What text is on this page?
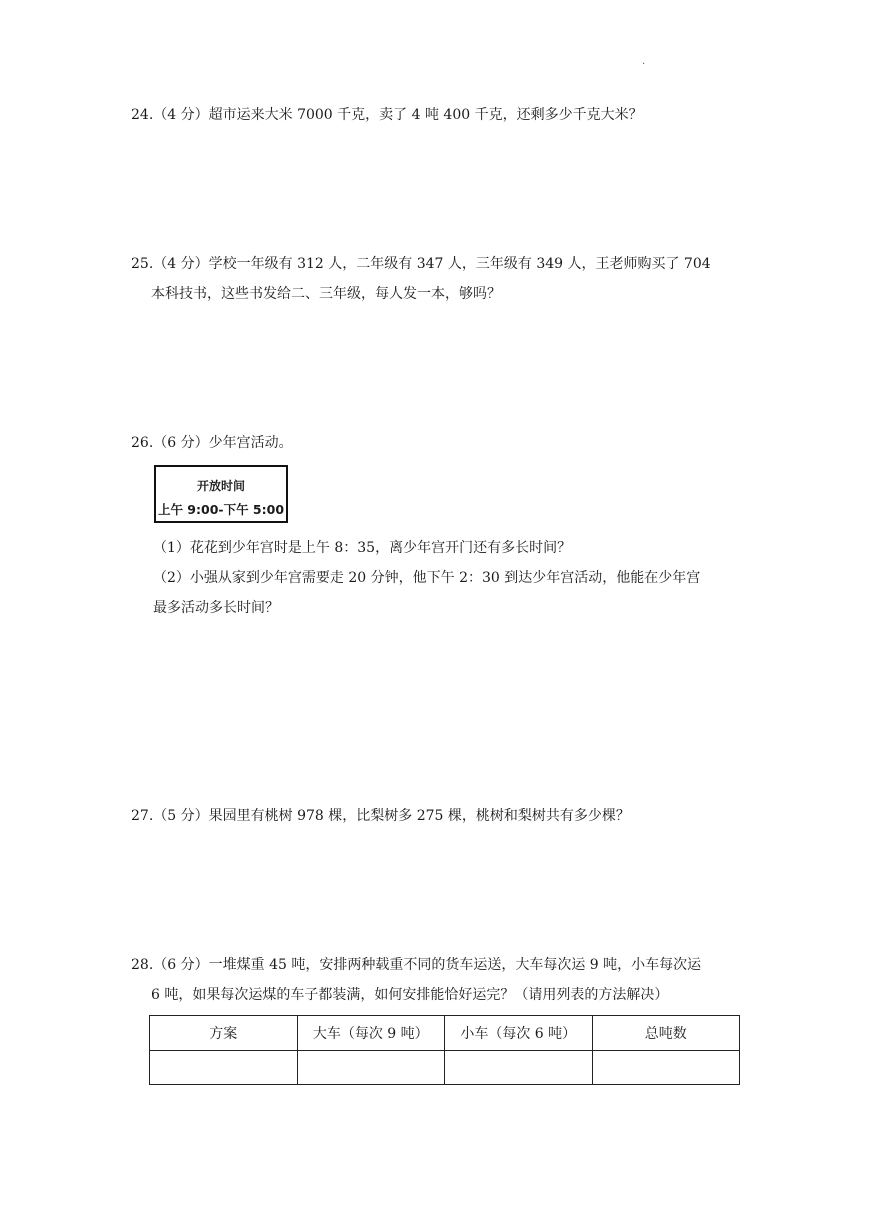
.
24.（4 分）超市运来大米 7000 千克，卖了 4 吨 400 千克，还剩多少千克大米？
25.（4 分）学校一年级有 312 人，二年级有 347 人，三年级有 349 人，王老师购买了 704
本科技书，这些书发给二、三年级，每人发一本，够吗？
26.（6 分）少年宫活动。
开放时间
上午 9:00-下午 5:00
（1）花花到少年宫时是上午 8：35，离少年宫开门还有多长时间？
（2）小强从家到少年宫需要走 20 分钟，他下午 2：30 到达少年宫活动，他能在少年宫
最多活动多长时间？
27.（5 分）果园里有桃树 978 棵，比梨树多 275 棵，桃树和梨树共有多少棵？
28.（6 分）一堆煤重 45 吨，安排两种载重不同的货车运送，大车每次运 9 吨，小车每次运
6 吨，如果每次运煤的车子都装满，如何安排能恰好运完？（请用列表的方法解决）
方案	大车（每次 9 吨）	小车（每次 6 吨）	总吨数
